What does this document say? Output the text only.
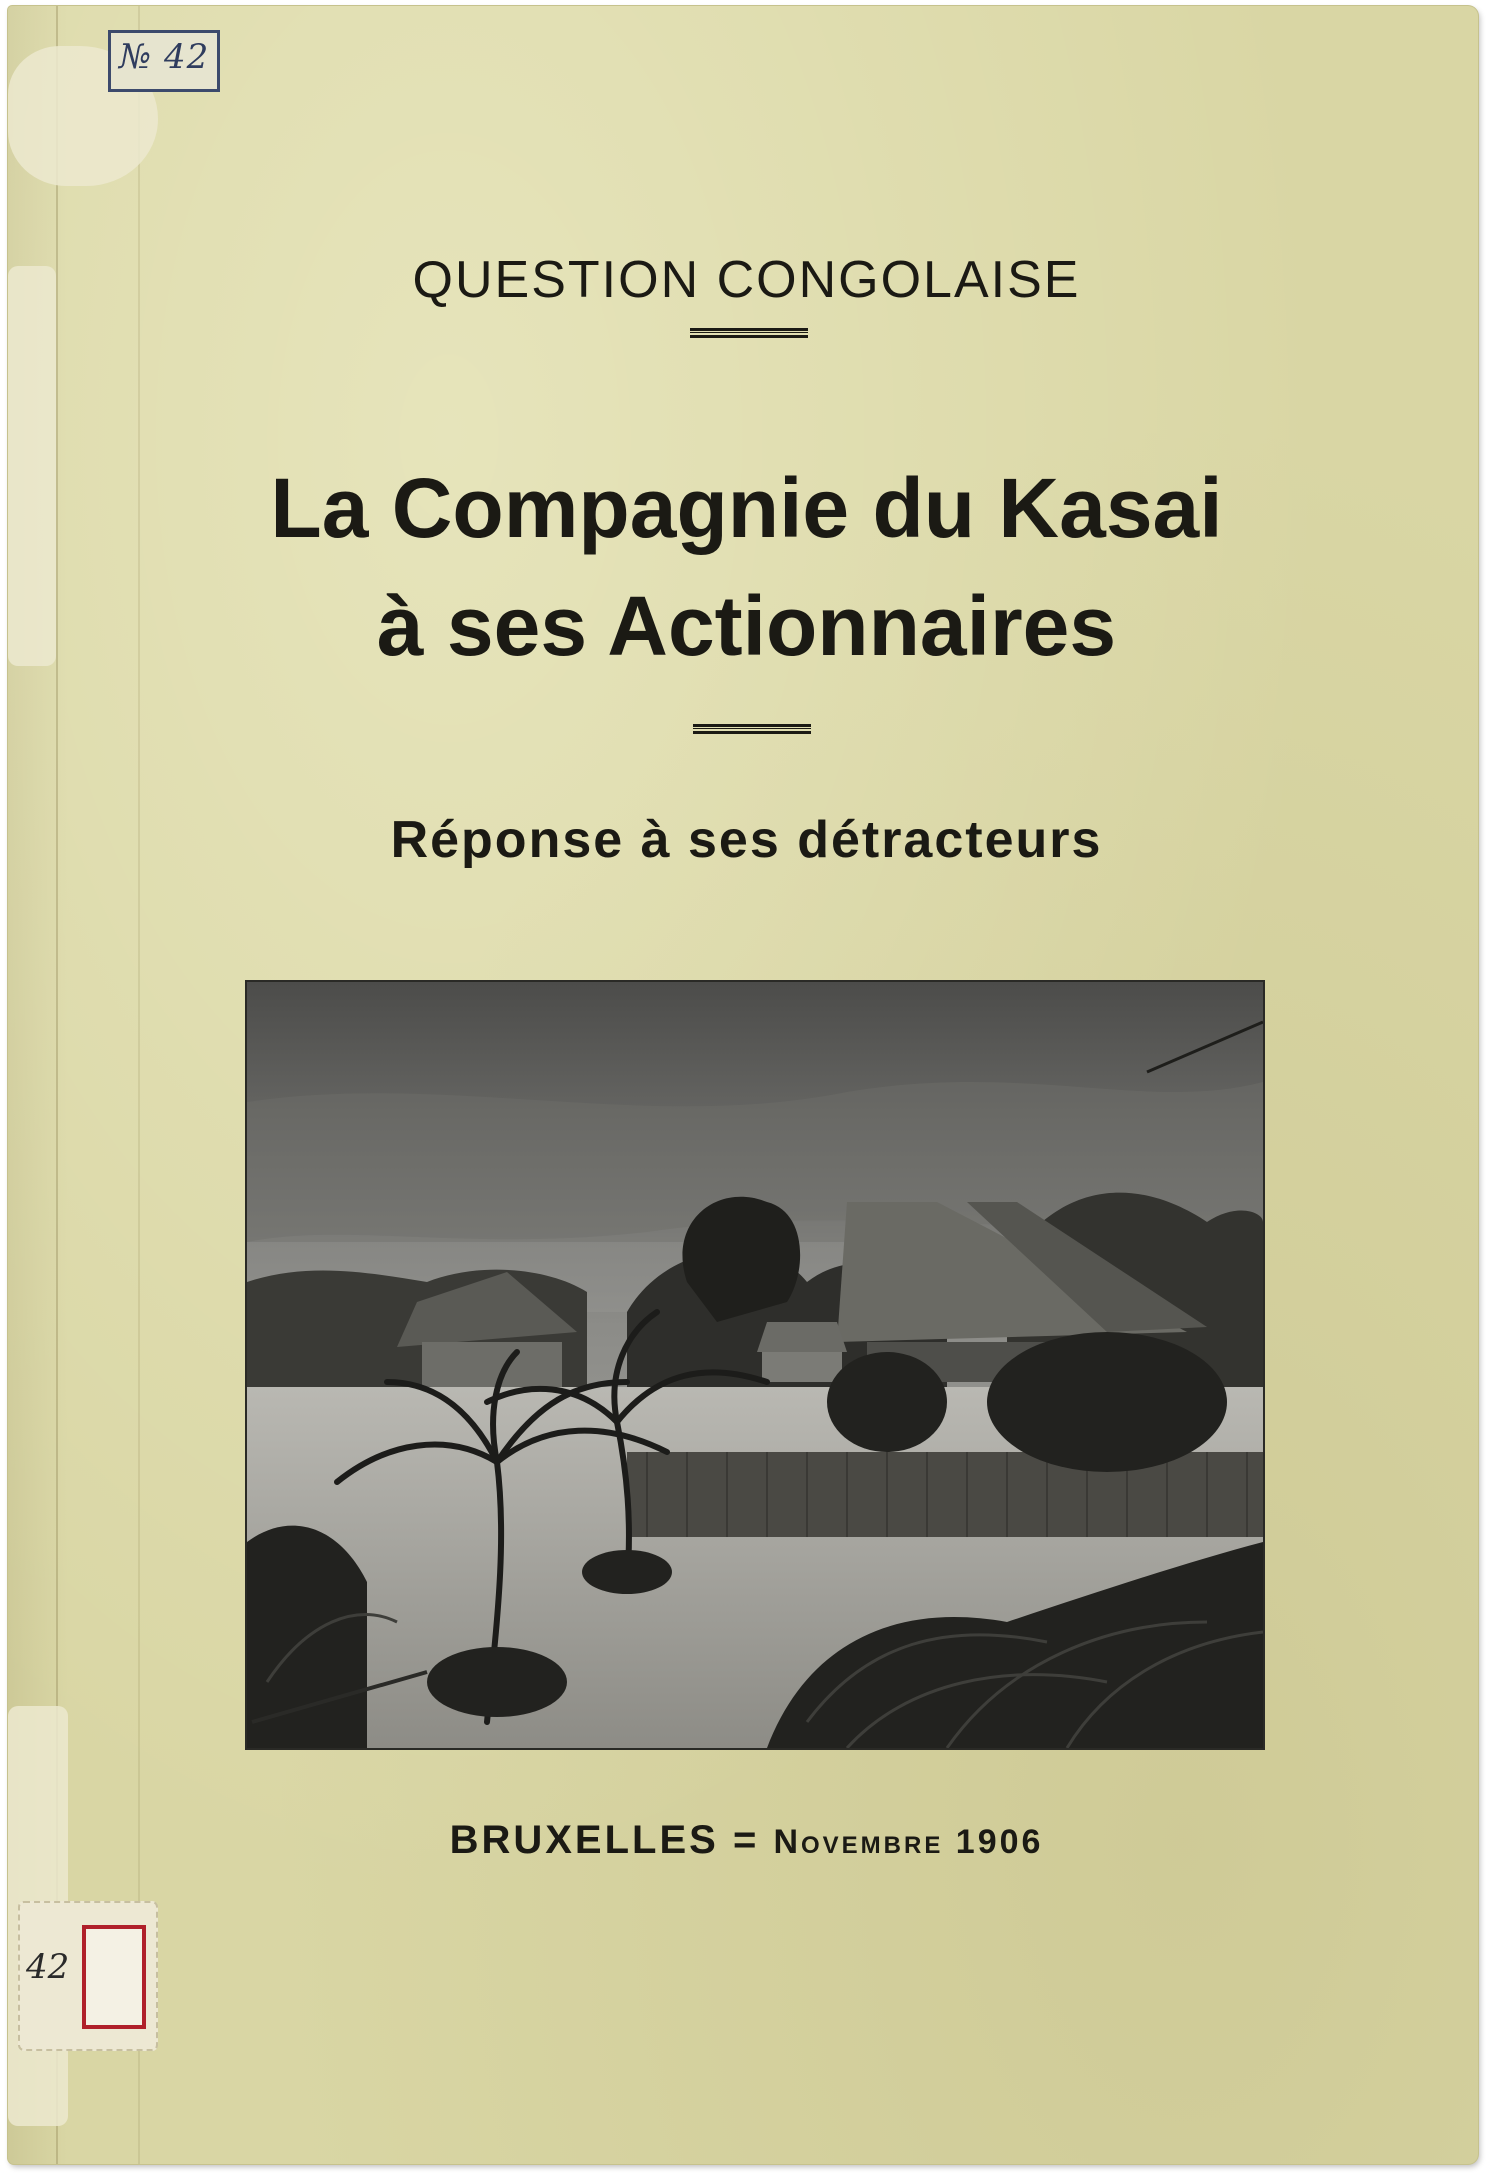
№ 42
42
QUESTION CONGOLAISE
La Compagnie du Kasai
à ses Actionnaires
Réponse à ses détracteurs
BRUXELLES = Novembre 1906
